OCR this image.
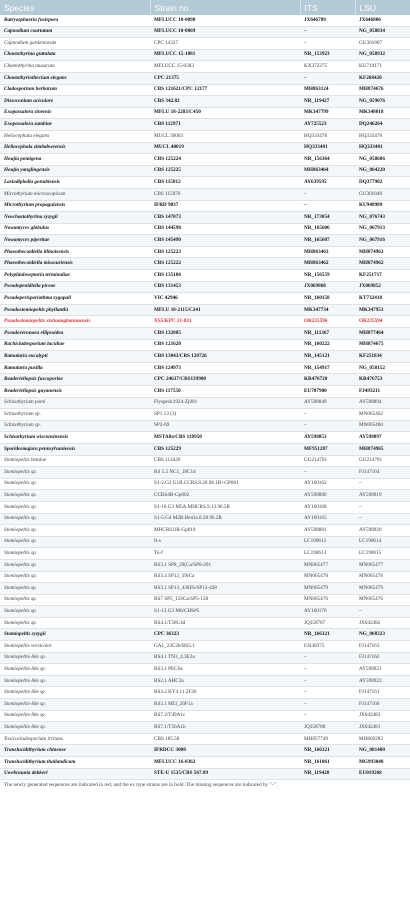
Species	Strain no.	ITS	LSU
Batryosphaeria fusispora	MFLUCC 10-0098	JX646789	JX646806
Capnodium coartatum	MFLUCC 10-0069	–	NG_058834
Capnodium gardeniorum	CPC 14327	–	GU301807
Chaetothyrina guttulata	MFLUCC 15-1081	NR_153923	NG_058932
Chaetothyrina musarum	MFLUCC 15-0383	KX372275	KU710171
Chaetothyriothecium elegans	CPC 21375	–	KF268420
Cladosporium herbarum	CBS 121621/CPC 12177	MH863124	MH874676
Dissoconium aciculare	CBS 342.82	NR_119427	NG_059076
Exopassalora sinensis	MFLU 18-2203/C450	MK347799	MK348018
Exopassalora zambiae	CBS 112971	AY725523	DQ246264
Heliocephala elegans	MUCL 39003	HQ333478	HQ333478
Heliocephala zimbabweensis	MUCL 40019	HQ333481	HQ333481
Houjia pomigena	CBS 125224	NR_156364	NG_058686
Houjia yanglingensis	CBS 125225	MH863464	NG_064220
Lasiodiplodia gonubiensis	CBS 115812	AY639595	DQ377902
Microthyrium microscopicum	CBS 115976	–	GU301846
Microthyrium propagulensis	IFRD 9037	–	KU948989
Neochaetothyrina syzygii	CBS 147073	NR_173054	NG_076743
Nowamyces globulus	CBS 144598	NR_165606	NG_067913
Nowamyces piperitae	CBS 145490	NR_165607	NG_067916
Phaeothecoidiella illinoisensis	CBS 125223	MH863463	MH874963
Phaeothecoidiella missouriensis	CBS 125222	MH863462	MH874962
Polyphialoseptoria terminaliae	CBS 135106	NR_156559	KF251717
Pseudopenidiella piceae	CBS 131453	JX069868	JX069852
Pseudoperisporiothma zygopali	VIC 42946	NR_160158	KT732418
Pseudostomiopeltis phyllanthi	MFLU 18-2115/C241	MK347734	MK347951
Pseudostomiopeltis xishuangbannaensis	XS5/KPC 21-031	OR235596	OR235594
Pseudoveronaea ellipsoidea	CBS 132085	NR_111367	MH877464
Rachicladosporium luculiae	CBS 121620	NR_160222	MH874675
Ramularia eucalypti	CBS 13043/CBS 120726	NR_145121	KF251834
Ramularia pusilla	CBS 124973	NR_154917	NG_058152
Readeriellopsis fuscoporiae	CPC 24637/CBS139900	KR476720	KR476753
Readeriellopsis guyanensis	CBS 117550	EU707900	FJ493211
Schizothyrium pomi	Flyspeck1924-Zj001	AY598848	AY598894
Schizothyrium sp.	SP1 13 (3)	–	MN065462
Schizothyrium sp.	SP2-69	–	MN065460
Schizothyrium wisconsinensis	MSTA8a/CBS 118950	AY598853	AY598897
Sporidesmajora pennsylvaniensis	CBS 125229	MF951287	MH874965
Stomiopeltis betulae	CBS 114420	GU214701	GU214701
Stomiopeltis sp.	RS 5.2 NC1_18C1d	–	FJ147164
Stomiopeltis sp.	S1-2.G2 U1B.CCRS.8.20.96.1B+GP001	AY160162	–
Stomiopeltis sp.	CCRS4B-Gp002	AY598880	AY598919
Stomiopeltis sp.	S1-10.G3 M5A.MHCRS.9.13.96.5R	AY160168	–
Stomiopeltis sp.	S1-5.G4 M2B.Berria.8.28.96.2R	AY160165	–
Stomiopeltis sp.	MHCRS1lR-Gp010	AY598881	AY598920
Stomiopeltis sp.	It-s	LC190612	LC190614
Stomiopeltis sp.	To-f	LC190613	LC190615
Stomiopeltis sp.	RS3.1 SP8_29(Ca/SP8-291	MN065477	MN065477
Stomiopeltis sp.	RS3.4 SP12_39(Ca	MN065478	MN065478
Stomiopeltis sp.	RS3.1 SP13_438Fb/SP13-438	MN065479	MN065479
Stomiopeltis sp.	RS7 SP5_156Ca/SP5-158	MN065476	MN065476
Stomiopeltis sp.	S1-13.G3 M6/CHS#5	AY160170	–
Stomiopeltis sp.	RS4.1/T58C4d	JQ358787	JX042482
Stomiopeltis syzygii	CPC 36323	NR_166321	NG_068323
Stomiopeltis versicolor	GA1_23C2b/BS5.1	FJ438375	FJ147163
Stomiopeltis-like sp.	RS4.1 TN3_4.3E2a	–	FJ147162
Stomiopeltis-like sp.	RS3.1 PEC6a	–	AY598921
Stomiopeltis-like sp.	RS2.1 AHC3a	–	AY598922
Stomiopeltis-like sp.	RS3.2 KY4 11.2F2b	–	FJ147161
Stomiopeltis-like sp.	RS3.1 MI3_26F1a	–	FJ147160
Stomiopeltis-like sp.	RS7.2/T49A1c	–	JX042483
Stomiopeltis-like sp.	RS7.1/T56A1b	JQ358788	JX042481
Toxicocladosporium irritans	CBS 185.58	MH857749	MH869283
Translucidithyrium chinense	IFRDCC 3000	NR_166321	NG_081400
Translucidithyrium thailandicum	MFLUCC 16-0362	NR_161061	MG993048
Uwebraunia dekkeri	STE-U 1535/CBS 567.89	NR_119428	EU019268
The newly generated sequences are indicated in red, and the ex type strains are in bold. The missing sequences are indicated by "–".
